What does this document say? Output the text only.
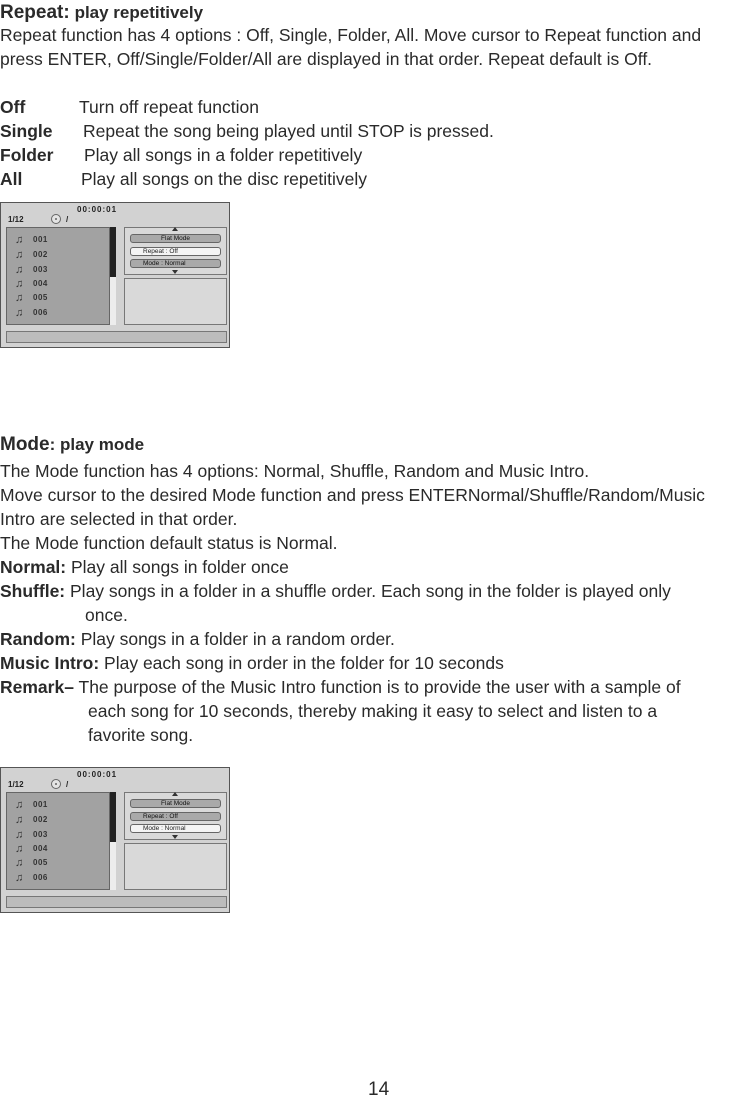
Repeat: play repetitively
Repeat function has 4 options : Off, Single, Folder, All. Move cursor to Repeat function and
press ENTER, Off/Single/Folder/All are displayed in that order. Repeat default is Off.
Off	Turn off repeat function
Single Repeat the song being played until STOP is pressed.
Folder Play all songs in a folder repetitively
All	Play all songs on the disc repetitively
00:00:01
1/12	/
♫ 001
♫ 002
♫ 003
♫ 004
♫ 005
♫ 006
Flat Mode
Repeat : Off
Mode : Normal
Mode: play mode
The Mode function has 4 options: Normal, Shuffle, Random and Music Intro.
Move cursor to the desired Mode function and press ENTERNormal/Shuffle/Random/Music
Intro are selected in that order.
The Mode function default status is Normal.
Normal: Play all songs in folder once
Shuffle: Play songs in a folder in a shuffle order. Each song in the folder is played only
once.
Random: Play songs in a folder in a random order.
Music Intro: Play each song in order in the folder for 10 seconds
Remark– The purpose of the Music Intro function is to provide the user with a sample of
each song for 10 seconds, thereby making it easy to select and listen to a
favorite song.
00:00:01
1/12	/
♫ 001
♫ 002
♫ 003
♫ 004
♫ 005
♫ 006
Flat Mode
Repeat : Off
Mode : Normal
14
